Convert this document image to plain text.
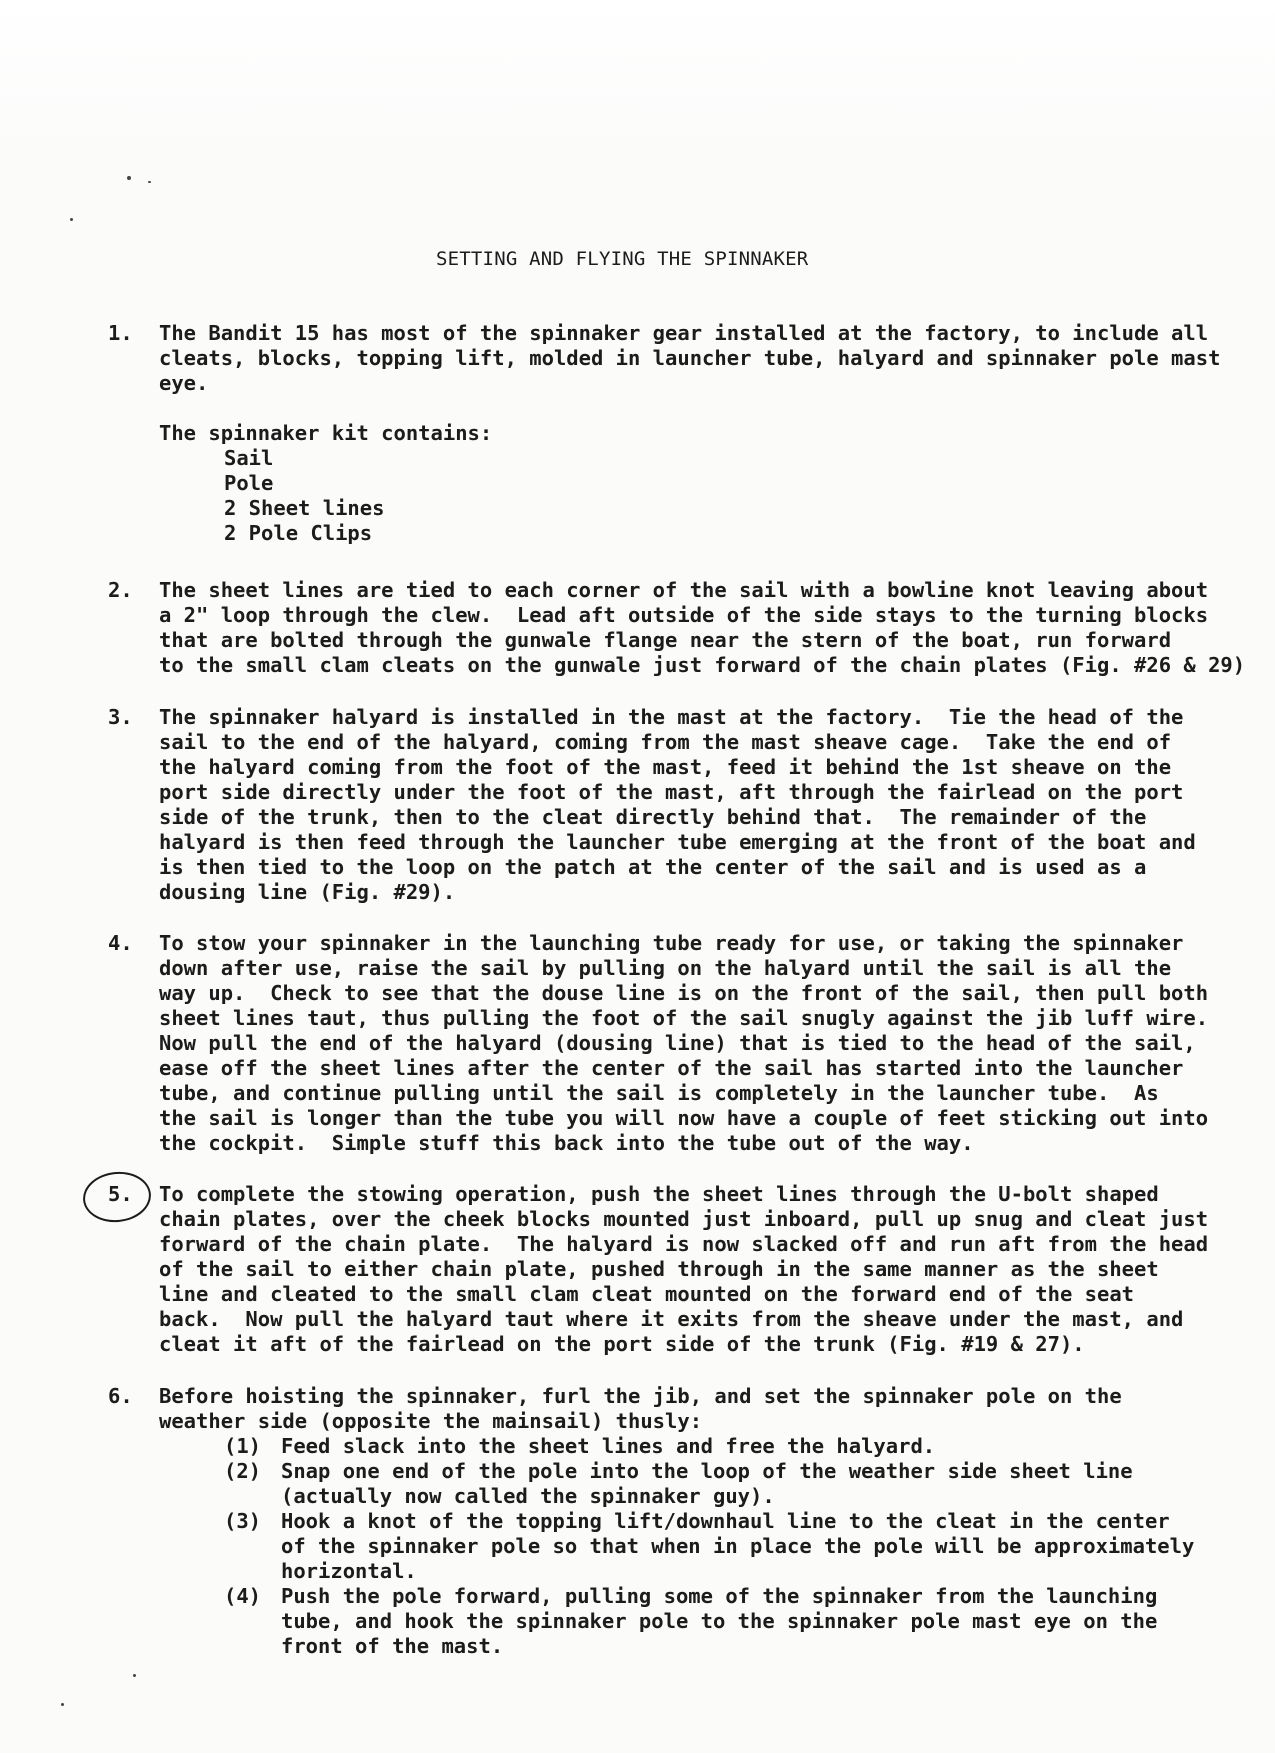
SETTING AND FLYING THE SPINNAKER
1.	The Bandit 15 has most of the spinnaker gear installed at the factory, to include all
cleats, blocks, topping lift, molded in launcher tube, halyard and spinnaker pole mast
eye.
The spinnaker kit contains:
Sail
Pole
2 Sheet lines
2 Pole Clips
2.	The sheet lines are tied to each corner of the sail with a bowline knot leaving about
a 2" loop through the clew.  Lead aft outside of the side stays to the turning blocks
that are bolted through the gunwale flange near the stern of the boat, run forward
to the small clam cleats on the gunwale just forward of the chain plates (Fig. #26 & 29)
3.	The spinnaker halyard is installed in the mast at the factory.  Tie the head of the
sail to the end of the halyard, coming from the mast sheave cage.  Take the end of
the halyard coming from the foot of the mast, feed it behind the 1st sheave on the
port side directly under the foot of the mast, aft through the fairlead on the port
side of the trunk, then to the cleat directly behind that.  The remainder of the
halyard is then feed through the launcher tube emerging at the front of the boat and
is then tied to the loop on the patch at the center of the sail and is used as a
dousing line (Fig. #29).
4.	To stow your spinnaker in the launching tube ready for use, or taking the spinnaker
down after use, raise the sail by pulling on the halyard until the sail is all the
way up.  Check to see that the douse line is on the front of the sail, then pull both
sheet lines taut, thus pulling the foot of the sail snugly against the jib luff wire.
Now pull the end of the halyard (dousing line) that is tied to the head of the sail,
ease off the sheet lines after the center of the sail has started into the launcher
tube, and continue pulling until the sail is completely in the launcher tube.  As
the sail is longer than the tube you will now have a couple of feet sticking out into
the cockpit.  Simple stuff this back into the tube out of the way.
5.	To complete the stowing operation, push the sheet lines through the U-bolt shaped
chain plates, over the cheek blocks mounted just inboard, pull up snug and cleat just
forward of the chain plate.  The halyard is now slacked off and run aft from the head
of the sail to either chain plate, pushed through in the same manner as the sheet
line and cleated to the small clam cleat mounted on the forward end of the seat
back.  Now pull the halyard taut where it exits from the sheave under the mast, and
cleat it aft of the fairlead on the port side of the trunk (Fig. #19 & 27).
6.	Before hoisting the spinnaker, furl the jib, and set the spinnaker pole on the
weather side (opposite the mainsail) thusly:
(1) Feed slack into the sheet lines and free the halyard.
(2) Snap one end of the pole into the loop of the weather side sheet line
(actually now called the spinnaker guy).
(3) Hook a knot of the topping lift/downhaul line to the cleat in the center
of the spinnaker pole so that when in place the pole will be approximately
horizontal.
(4) Push the pole forward, pulling some of the spinnaker from the launching
tube, and hook the spinnaker pole to the spinnaker pole mast eye on the
front of the mast.
